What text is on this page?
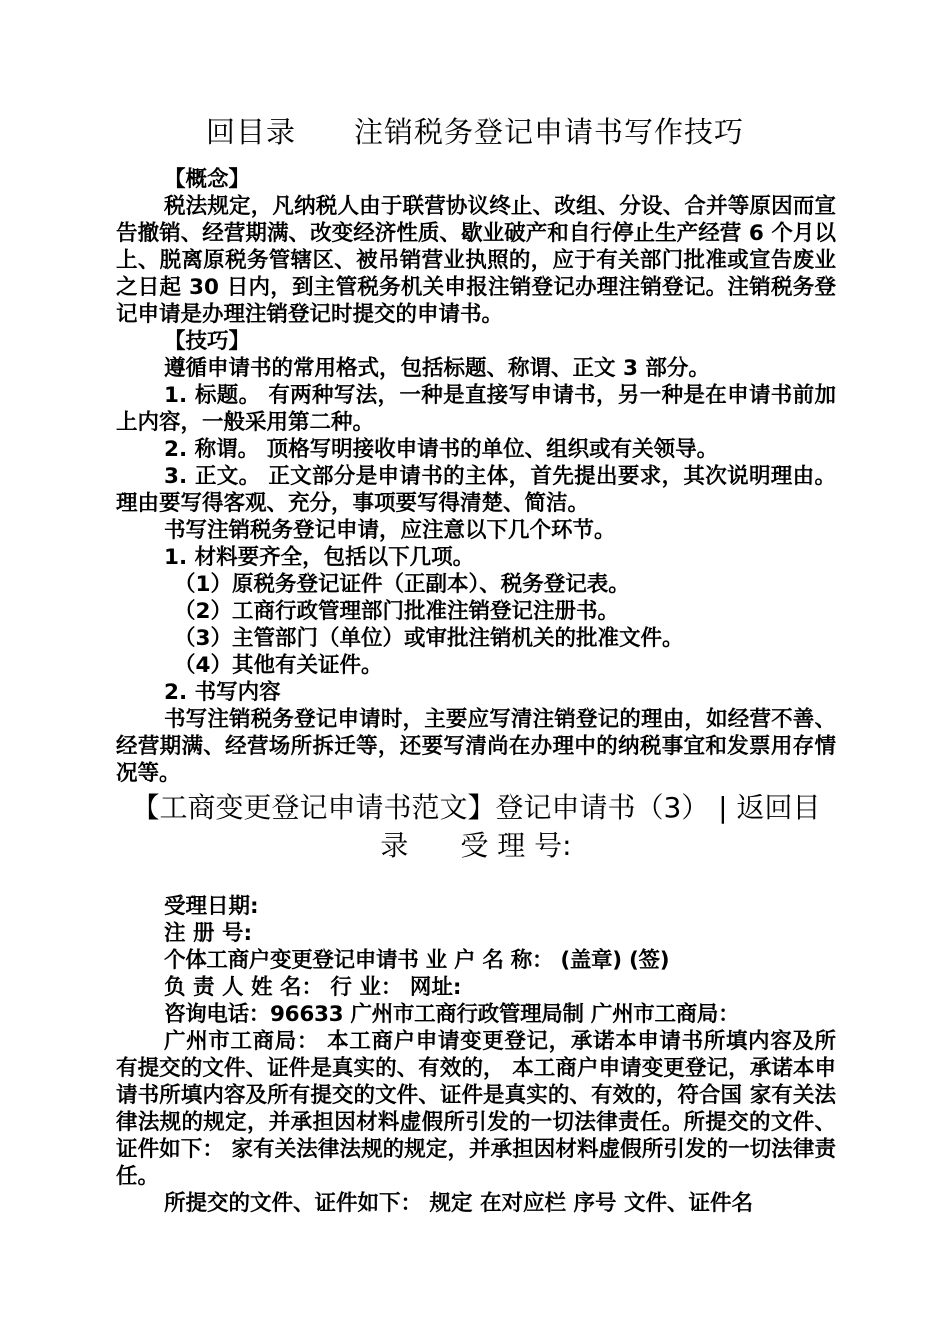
回目录 注销税务登记申请书写作技巧

【概念】

税法规定，凡纳税人由于联营协议终止、改组、分设、合并等原因而宣告撤销、经营期满、改变经济性质、歇业破产和自行停止生产经营 6 个月以上、脱离原税务管辖区、被吊销营业执照的，应于有关部门批准或宣告废业之日起 30 日内，到主管税务机关申报注销登记办理注销登记。注销税务登记申请是办理注销登记时提交的申请书。

【技巧】

遵循申请书的常用格式，包括标题、称谓、正文 3 部分。

1. 标题。 有两种写法，一种是直接写申请书，另一种是在申请书前加上内容，一般采用第二种。

2. 称谓。 顶格写明接收申请书的单位、组织或有关领导。

3. 正文。 正文部分是申请书的主体，首先提出要求，其次说明理由。理由要写得客观、充分，事项要写得清楚、简洁。

书写注销税务登记申请，应注意以下几个环节。

1. 材料要齐全，包括以下几项。

（1）原税务登记证件（正副本）、税务登记表。

（2）工商行政管理部门批准注销登记注册书。

（3）主管部门（单位）或审批注销机关的批准文件。

（4）其他有关证件。

2. 书写内容

书写注销税务登记申请时，主要应写清注销登记的理由，如经营不善、经营期满、经营场所拆迁等，还要写清尚在办理中的纳税事宜和发票用存情况等。

【工商变更登记申请书范文】登记申请书（3） | 返回目
录 受 理 号:

受理日期:

注 册 号:

个体工商户变更登记申请书 业 户 名 称： (盖章) (签)

负 责 人 姓 名： 行 业： 网址:

咨询电话：96633 广州市工商行政管理局制 广州市工商局：

广州市工商局： 本工商户申请变更登记，承诺本申请书所填内容及所有提交的文件、证件是真实的、有效的， 本工商户申请变更登记，承诺本申请书所填内容及所有提交的文件、证件是真实的、有效的，符合国 家有关法律法规的规定，并承担因材料虚假所引发的一切法律责任。所提交的文件、证件如下： 家有关法律法规的规定，并承担因材料虚假所引发的一切法律责任。

所提交的文件、证件如下： 规定 在对应栏 序号 文件、证件名
